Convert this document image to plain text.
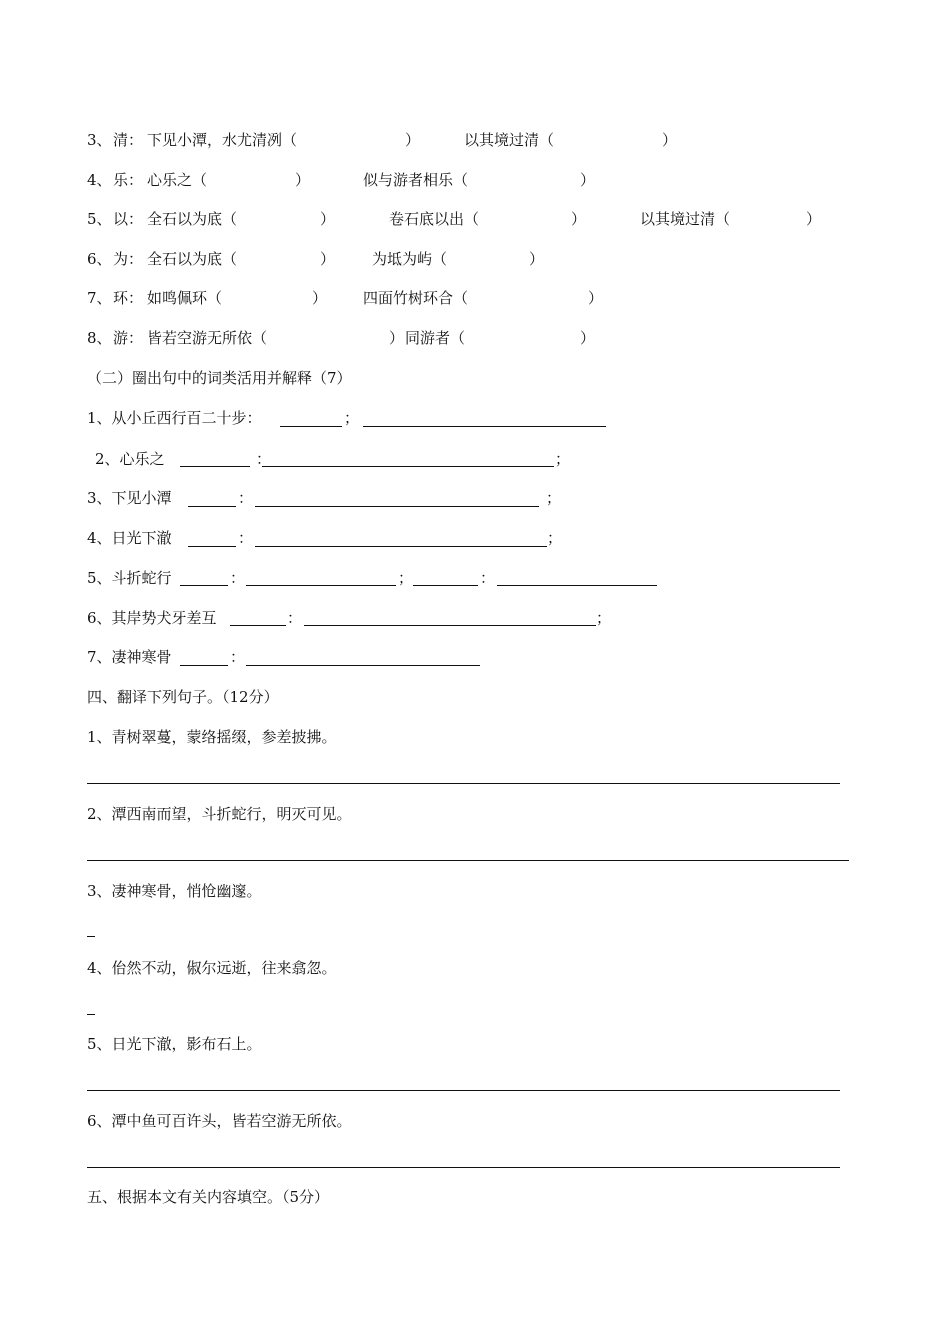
3、 清： 下见小潭，水尤清冽（	）	以其境过清（	）
4、 乐： 心乐之（	）	似与游者相乐（	）
5、 以： 全石以为底（	）	卷石底以出（	）	以其境过清（	）
6、 为： 全石以为底（	） 为坻为屿（	）
7、 环： 如鸣佩环（	） 四面竹树环合（	）
8、 游： 皆若空游无所依（	） 同游者（	）
（二）圈出句中的词类活用并解释（7）
1、从小丘西行百二十步：	；
2、心乐之	：	；
3、下见小潭	：	；
4、日光下澈	：	；
5、斗折蛇行	：	；	：
6、其岸势犬牙差互	：	；
7、凄神寒骨	：
四、翻译下列句子。（12分）
1、青树翠蔓，蒙络摇缀，参差披拂。
2、潭西南而望，斗折蛇行，明灭可见。
3、凄神寒骨，悄怆幽邃。
4、佁然不动，俶尔远逝，往来翕忽。
5、日光下澈，影布石上。
6、潭中鱼可百许头，皆若空游无所依。
五、根据本文有关内容填空。（5分）
